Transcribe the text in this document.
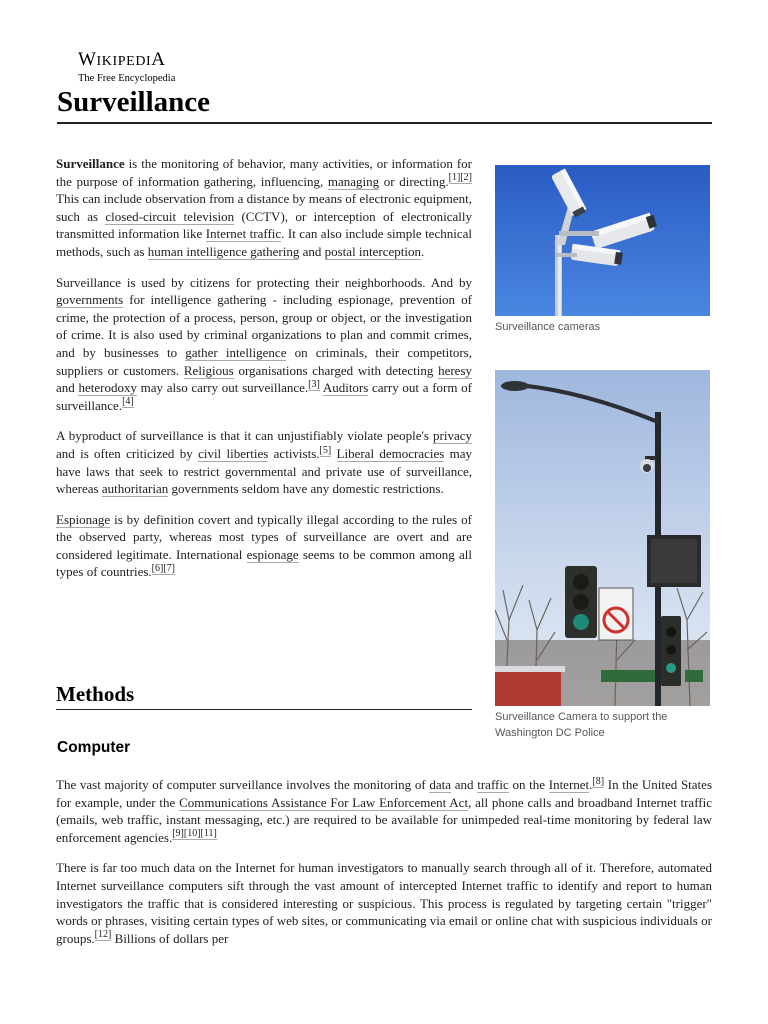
WIKIPEDIA
The Free Encyclopedia
Surveillance

Surveillance is the monitoring of behavior, many activities, or information for the purpose of information gathering, influencing, managing or directing.[1][2] This can include observation from a distance by means of electronic equipment, such as closed-circuit television (CCTV), or interception of electronically transmitted information like Internet traffic. It can also include simple technical methods, such as human intelligence gathering and postal interception.

Surveillance is used by citizens for protecting their neighborhoods. And by governments for intelligence gathering - including espionage, prevention of crime, the protection of a process, person, group or object, or the investigation of crime. It is also used by criminal organizations to plan and commit crimes, and by businesses to gather intelligence on criminals, their competitors, suppliers or customers. Religious organisations charged with detecting heresy and heterodoxy may also carry out surveillance.[3] Auditors carry out a form of surveillance.[4]

A byproduct of surveillance is that it can unjustifiably violate people's privacy and is often criticized by civil liberties activists.[5] Liberal democracies may have laws that seek to restrict governmental and private use of surveillance, whereas authoritarian governments seldom have any domestic restrictions.

Espionage is by definition covert and typically illegal according to the rules of the observed party, whereas most types of surveillance are overt and are considered legitimate. International espionage seems to be common among all types of countries.[6][7]

Methods
Computer

The vast majority of computer surveillance involves the monitoring of data and traffic on the Internet.[8] In the United States for example, under the Communications Assistance For Law Enforcement Act, all phone calls and broadband Internet traffic (emails, web traffic, instant messaging, etc.) are required to be available for unimpeded real-time monitoring by federal law enforcement agencies.[9][10][11]

There is far too much data on the Internet for human investigators to manually search through all of it. Therefore, automated Internet surveillance computers sift through the vast amount of intercepted Internet traffic to identify and report to human investigators the traffic that is considered interesting or suspicious. This process is regulated by targeting certain "trigger" words or phrases, visiting certain types of web sites, or communicating via email or online chat with suspicious individuals or groups.[12] Billions of dollars per

Surveillance cameras
Surveillance Camera to support the Washington DC Police
